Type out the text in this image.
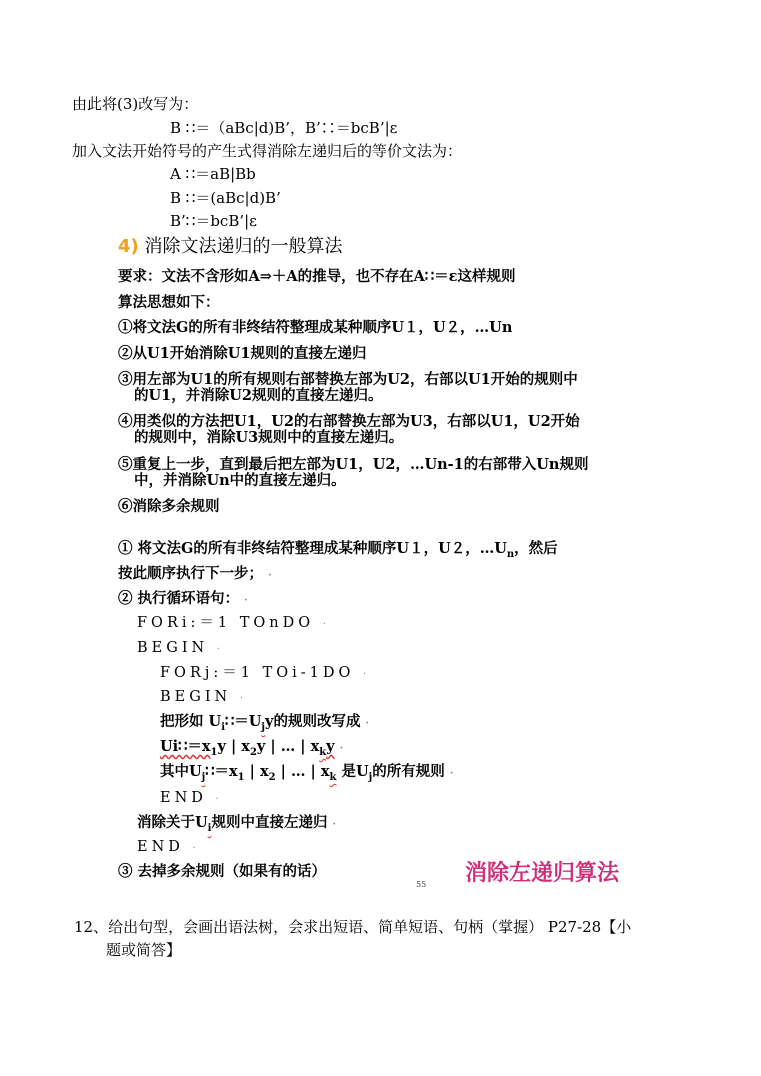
由此将(3)改写为：
B ∷＝（aBc|d)B’，B’∷＝bcB’|ε
加入文法开始符号的产生式得消除左递归后的等价文法为：
A ∷＝aB|Bb
B ∷＝(aBc|d)B’
B’∷＝bcB’|ε
4) 消除文法递归的一般算法
要求：文法不含形如A⇒＋A的推导，也不存在A∷＝ε这样规则
算法思想如下：
①将文法G的所有非终结符整理成某种顺序U１，U２，…Un
②从U1开始消除U1规则的直接左递归
③用左部为U1的所有规则右部替换左部为U2，右部以U1开始的规则中
的U1，并消除U2规则的直接左递归。
④用类似的方法把U1，U2的右部替换左部为U3，右部以U1，U2开始
的规则中，消除U3规则中的直接左递归。
⑤重复上一步，直到最后把左部为U1，U2，…Un-1的右部带入Un规则
中，并消除Un中的直接左递归。
⑥消除多余规则
① 将文法G的所有非终结符整理成某种顺序U１，U２，$\dots U_n$，然后
按此顺序执行下一步； ·
② 执行循环语句： ·
FORi:＝1 TOnDO ·
BEGIN ·
FORj:＝1 TOi-1DO ·
BEGIN ·
把形如 $U_i∷=U_jy$的规则改写成 ·
$Ui∷=x_1y$ | $x_2y$ | … | $x_ky$ ·
其中$U_j∷=x_1$ | $x_2$ | … | $x_k$ 是$U_j$的所有规则 ·
END ·
消除关于$U_i$规则中直接左递归 ·
END ·
③ 去掉多余规则（如果有的话）
55 消除左递归算法
12、给出句型，会画出语法树，会求出短语、简单短语、句柄（掌握） P27-28【小
题或简答】
